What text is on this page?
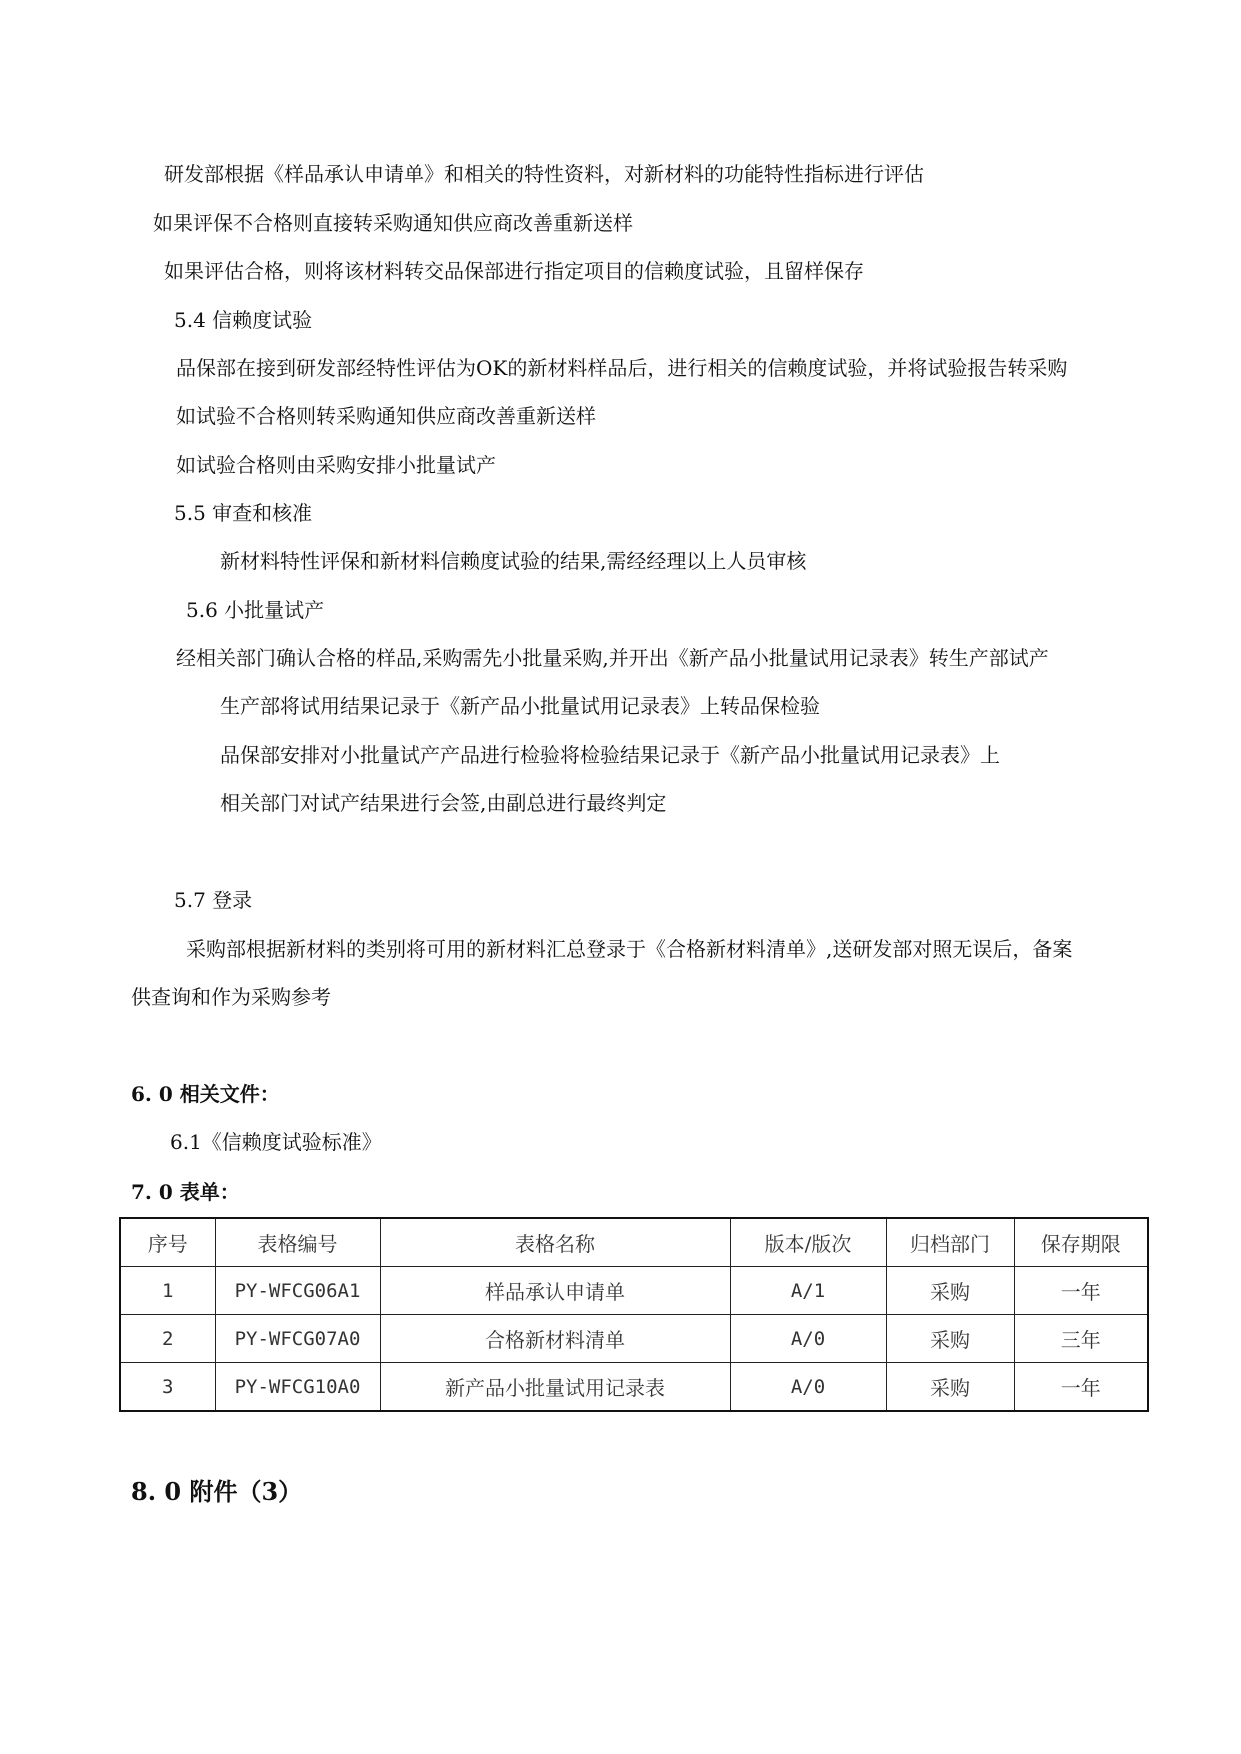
研发部根据《样品承认申请单》和相关的特性资料，对新材料的功能特性指标进行评估
如果评保不合格则直接转采购通知供应商改善重新送样
如果评估合格，则将该材料转交品保部进行指定项目的信赖度试验，且留样保存
5.4 信赖度试验
品保部在接到研发部经特性评估为OK的新材料样品后，进行相关的信赖度试验，并将试验报告转采购
如试验不合格则转采购通知供应商改善重新送样
如试验合格则由采购安排小批量试产
5.5 审查和核准
新材料特性评保和新材料信赖度试验的结果,需经经理以上人员审核
5.6 小批量试产
经相关部门确认合格的样品,采购需先小批量采购,并开出《新产品小批量试用记录表》转生产部试产
生产部将试用结果记录于《新产品小批量试用记录表》上转品保检验
品保部安排对小批量试产产品进行检验将检验结果记录于《新产品小批量试用记录表》上
相关部门对试产结果进行会签,由副总进行最终判定
5.7 登录
采购部根据新材料的类别将可用的新材料汇总登录于《合格新材料清单》,送研发部对照无误后，备案
供查询和作为采购参考
6. 0 相关文件：
6.1《信赖度试验标准》
7. 0 表单：
序号	表格编号	表格名称	版本/版次	归档部门	保存期限
1	PY-WFCG06A1	样品承认申请单	A/1	采购	一年
2	PY-WFCG07A0	合格新材料清单	A/0	采购	三年
3	PY-WFCG10A0	新产品小批量试用记录表	A/0	采购	一年
8. 0 附件（3）
